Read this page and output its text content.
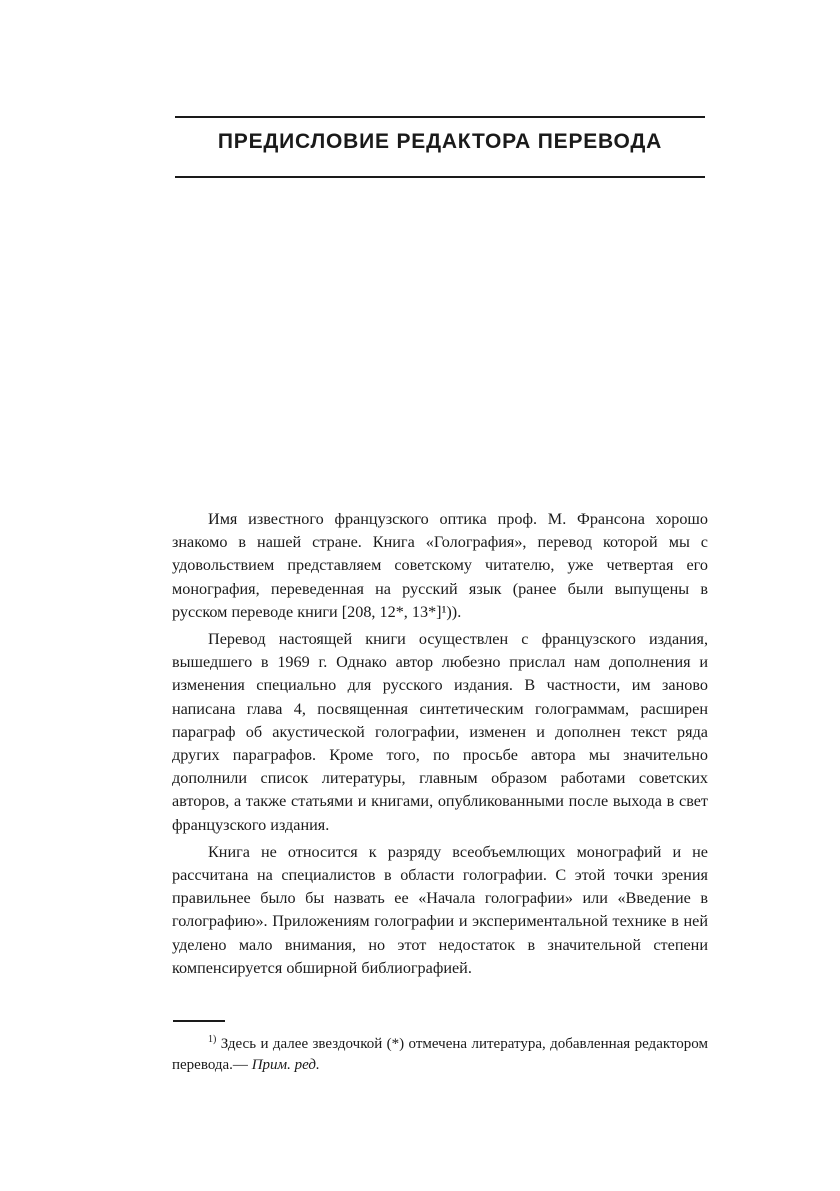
ПРЕДИСЛОВИЕ РЕДАКТОРА ПЕРЕВОДА

Имя известного французского оптика проф. М. Франсона хорошо знакомо в нашей стране. Книга «Голография», перевод которой мы с удовольствием представляем советскому читателю, уже четвертая его монография, переведенная на русский язык (ранее были выпущены в русском переводе книги [208, 12*, 13*]¹)).

Перевод настоящей книги осуществлен с французского издания, вышедшего в 1969 г. Однако автор любезно прислал нам дополнения и изменения специально для русского издания. В частности, им заново написана глава 4, посвященная синтетическим голограммам, расширен параграф об акустической голографии, изменен и дополнен текст ряда других параграфов. Кроме того, по просьбе автора мы значительно дополнили список литературы, главным образом работами советских авторов, а также статьями и книгами, опубликованными после выхода в свет французского издания.

Книга не относится к разряду всеобъемлющих монографий и не рассчитана на специалистов в области голографии. С этой точки зрения правильнее было бы назвать ее «Начала голографии» или «Введение в голографию». Приложениям голографии и экспериментальной технике в ней уделено мало внимания, но этот недостаток в значительной степени компенсируется обширной библиографией.

$^{1)}$ Здесь и далее звездочкой (*) отмечена литература, добавленная редактором перевода.— Прим. ред.
